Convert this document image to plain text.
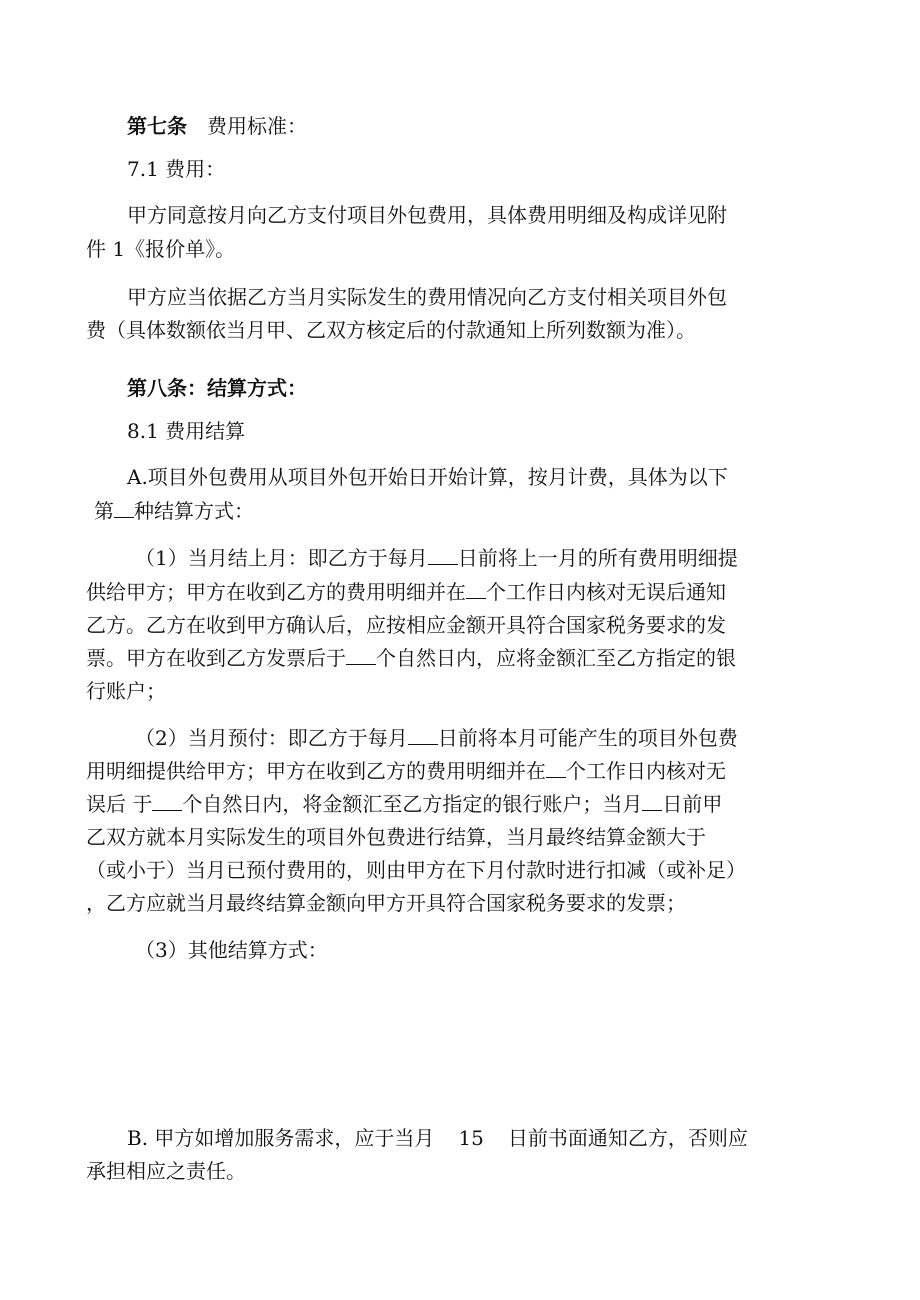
第七条 费用标准：
7.1 费用：
甲方同意按月向乙方支付项目外包费用，具体费用明细及构成详见附
件 1《报价单》。
甲方应当依据乙方当月实际发生的费用情况向乙方支付相关项目外包
费（具体数额依当月甲、乙双方核定后的付款通知上所列数额为准）。
第八条：结算方式：
8.1 费用结算
A.项目外包费用从项目外包开始日开始计算，按月计费，具体为以下
第 种结算方式：
（1）当月结上月：即乙方于每月 日前将上一月的所有费用明细提
供给甲方；甲方在收到乙方的费用明细并在 个工作日内核对无误后通知
乙方。乙方在收到甲方确认后，应按相应金额开具符合国家税务要求的发
票。甲方在收到乙方发票后于 个自然日内，应将金额汇至乙方指定的银
行账户；
（2）当月预付：即乙方于每月 日前将本月可能产生的项目外包费
用明细提供给甲方；甲方在收到乙方的费用明细并在 个工作日内核对无
误后 于 个自然日内，将金额汇至乙方指定的银行账户；当月 日前甲
乙双方就本月实际发生的项目外包费进行结算，当月最终结算金额大于
（或小于）当月已预付费用的，则由甲方在下月付款时进行扣减（或补足）
，乙方应就当月最终结算金额向甲方开具符合国家税务要求的发票；
（3）其他结算方式：
B. 甲方如增加服务需求，应于当月 15 日前书面通知乙方，否则应
承担相应之责任。
